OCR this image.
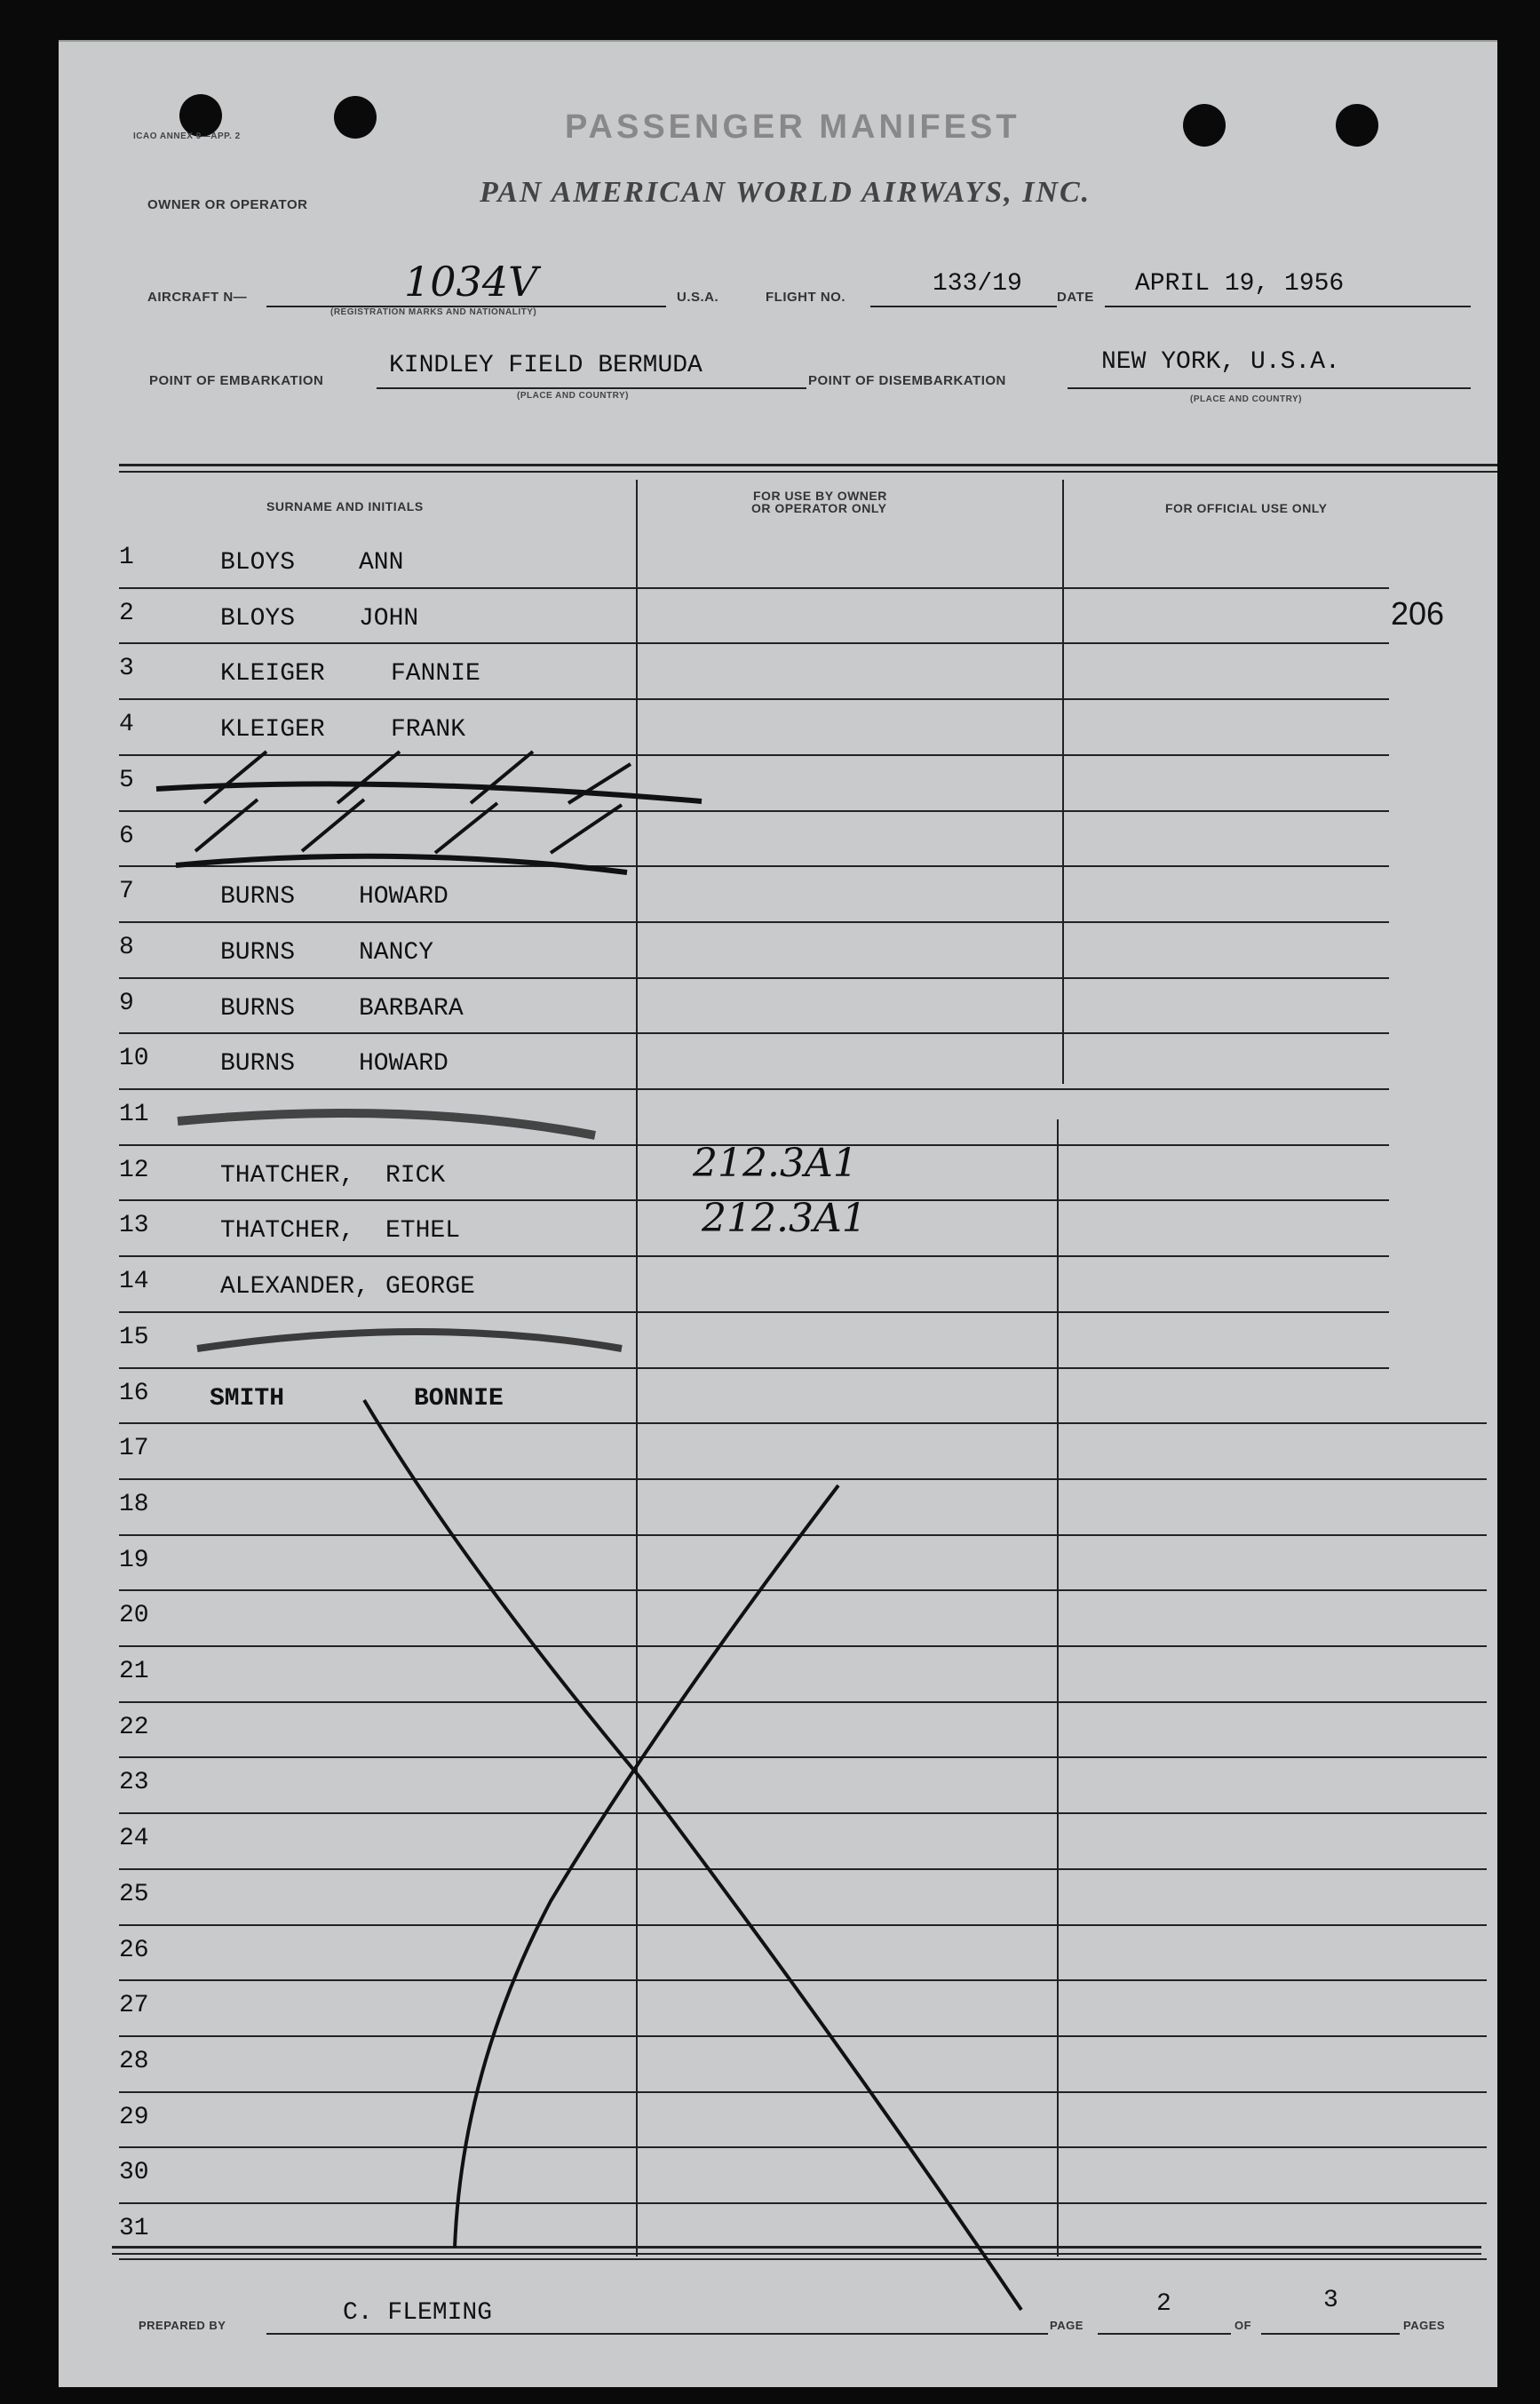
ICAO ANNEX 9—APP. 2	PASSENGER MANIFEST
OWNER OR OPERATOR	PAN AMERICAN WORLD AIRWAYS, INC.
AIRCRAFT N—	1034V
(REGISTRATION MARKS AND NATIONALITY)
U.S.A.	FLIGHT NO.	133/19	DATE APRIL 19, 1956
POINT OF EMBARKATION
KINDLEY FIELD BERMUDA
(PLACE AND COUNTRY)
POINT OF DISEMBARKATION
NEW YORK, U.S.A.
(PLACE AND COUNTRY)
SURNAME AND INITIALS
FOR USE BY OWNER
OR OPERATOR ONLY	FOR OFFICIAL USE ONLY
206
1	BLOYS	ANN
2	BLOYS	JOHN
3	KLEIGER	FANNIE
4	KLEIGER	FRANK
5
6
7	BURNS	HOWARD
8	BURNS	NANCY
9	BURNS	BARBARA
10	BURNS	HOWARD
11
12	THATCHER, RICK	212.3A1
13	THATCHER, ETHEL	212.3A1
14	ALEXANDER, GEORGE
15
16 SMITH	BONNIE
17
18
19
20
21
22
23
24
25
26
27
28
29
30
31
PREPARED BY	C. FLEMING	PAGE
2
OF
3
PAGES
